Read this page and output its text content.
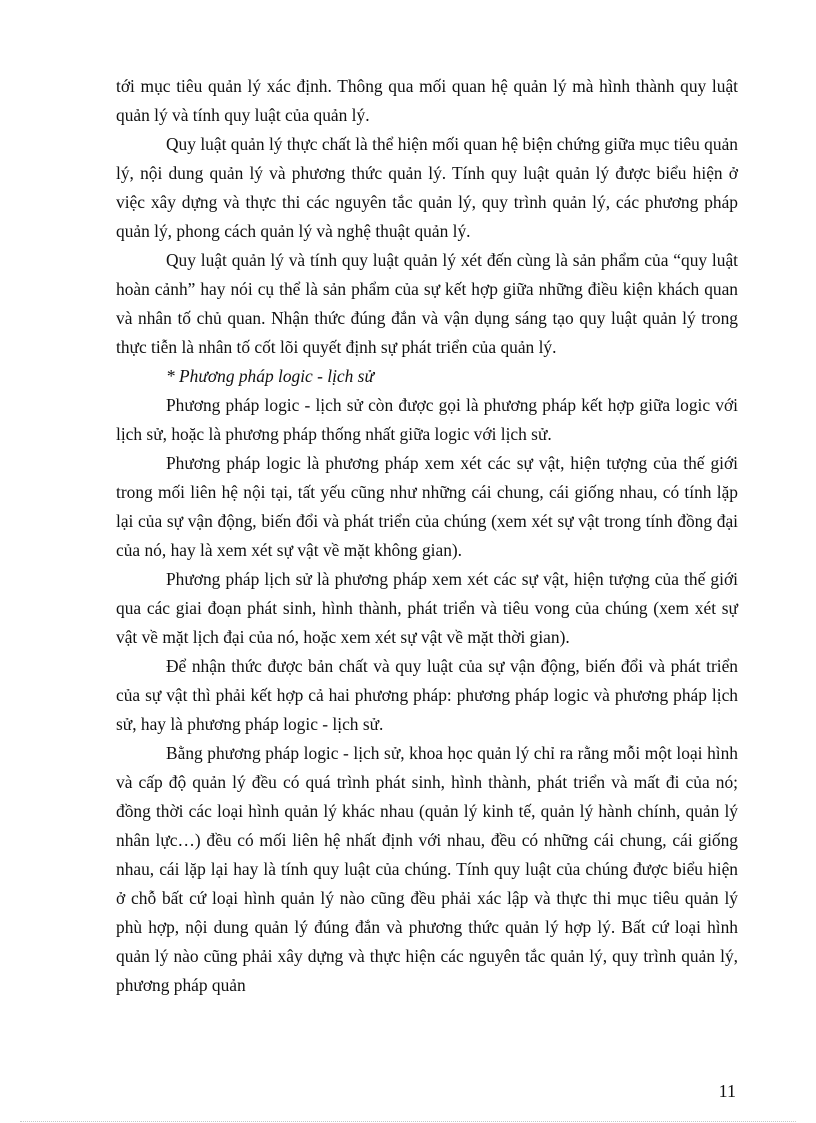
tới mục tiêu quản lý xác định. Thông qua mối quan hệ quản lý mà hình thành quy luật quản lý và tính quy luật của quản lý.

Quy luật quản lý thực chất là thể hiện mối quan hệ biện chứng giữa mục tiêu quản lý, nội dung quản lý và phương thức quản lý. Tính quy luật quản lý được biểu hiện ở việc xây dựng và thực thi các nguyên tắc quản lý, quy trình quản lý, các phương pháp quản lý, phong cách quản lý và nghệ thuật quản lý.

Quy luật quản lý và tính quy luật quản lý xét đến cùng là sản phẩm của “quy luật hoàn cảnh” hay nói cụ thể là sản phẩm của sự kết hợp giữa những điều kiện khách quan và nhân tố chủ quan. Nhận thức đúng đắn và vận dụng sáng tạo quy luật quản lý trong thực tiễn là nhân tố cốt lõi quyết định sự phát triển của quản lý.

* Phương pháp logic - lịch sử

Phương pháp logic - lịch sử còn được gọi là phương pháp kết hợp giữa logic với lịch sử, hoặc là phương pháp thống nhất giữa logic với lịch sử.

Phương pháp logic là phương pháp xem xét các sự vật, hiện tượng của thế giới trong mối liên hệ nội tại, tất yếu cũng như những cái chung, cái giống nhau, có tính lặp lại của sự vận động, biến đổi và phát triển của chúng (xem xét sự vật trong tính đồng đại của nó, hay là xem xét sự vật về mặt không gian).

Phương pháp lịch sử là phương pháp xem xét các sự vật, hiện tượng của thế giới qua các giai đoạn phát sinh, hình thành, phát triển và tiêu vong của chúng (xem xét sự vật về mặt lịch đại của nó, hoặc xem xét sự vật về mặt thời gian).

Để nhận thức được bản chất và quy luật của sự vận động, biến đổi và phát triển của sự vật thì phải kết hợp cả hai phương pháp: phương pháp logic và phương pháp lịch sử, hay là phương pháp logic - lịch sử.

Bằng phương pháp logic - lịch sử, khoa học quản lý chỉ ra rằng mỗi một loại hình và cấp độ quản lý đều có quá trình phát sinh, hình thành, phát triển và mất đi của nó; đồng thời các loại hình quản lý khác nhau (quản lý kinh tế, quản lý hành chính, quản lý nhân lực…) đều có mối liên hệ nhất định với nhau, đều có những cái chung, cái giống nhau, cái lặp lại hay là tính quy luật của chúng. Tính quy luật của chúng được biểu hiện ở chỗ bất cứ loại hình quản lý nào cũng đều phải xác lập và thực thi mục tiêu quản lý phù hợp, nội dung quản lý đúng đắn và phương thức quản lý hợp lý. Bất cứ loại hình quản lý nào cũng phải xây dựng và thực hiện các nguyên tắc quản lý, quy trình quản lý, phương pháp quản

11
